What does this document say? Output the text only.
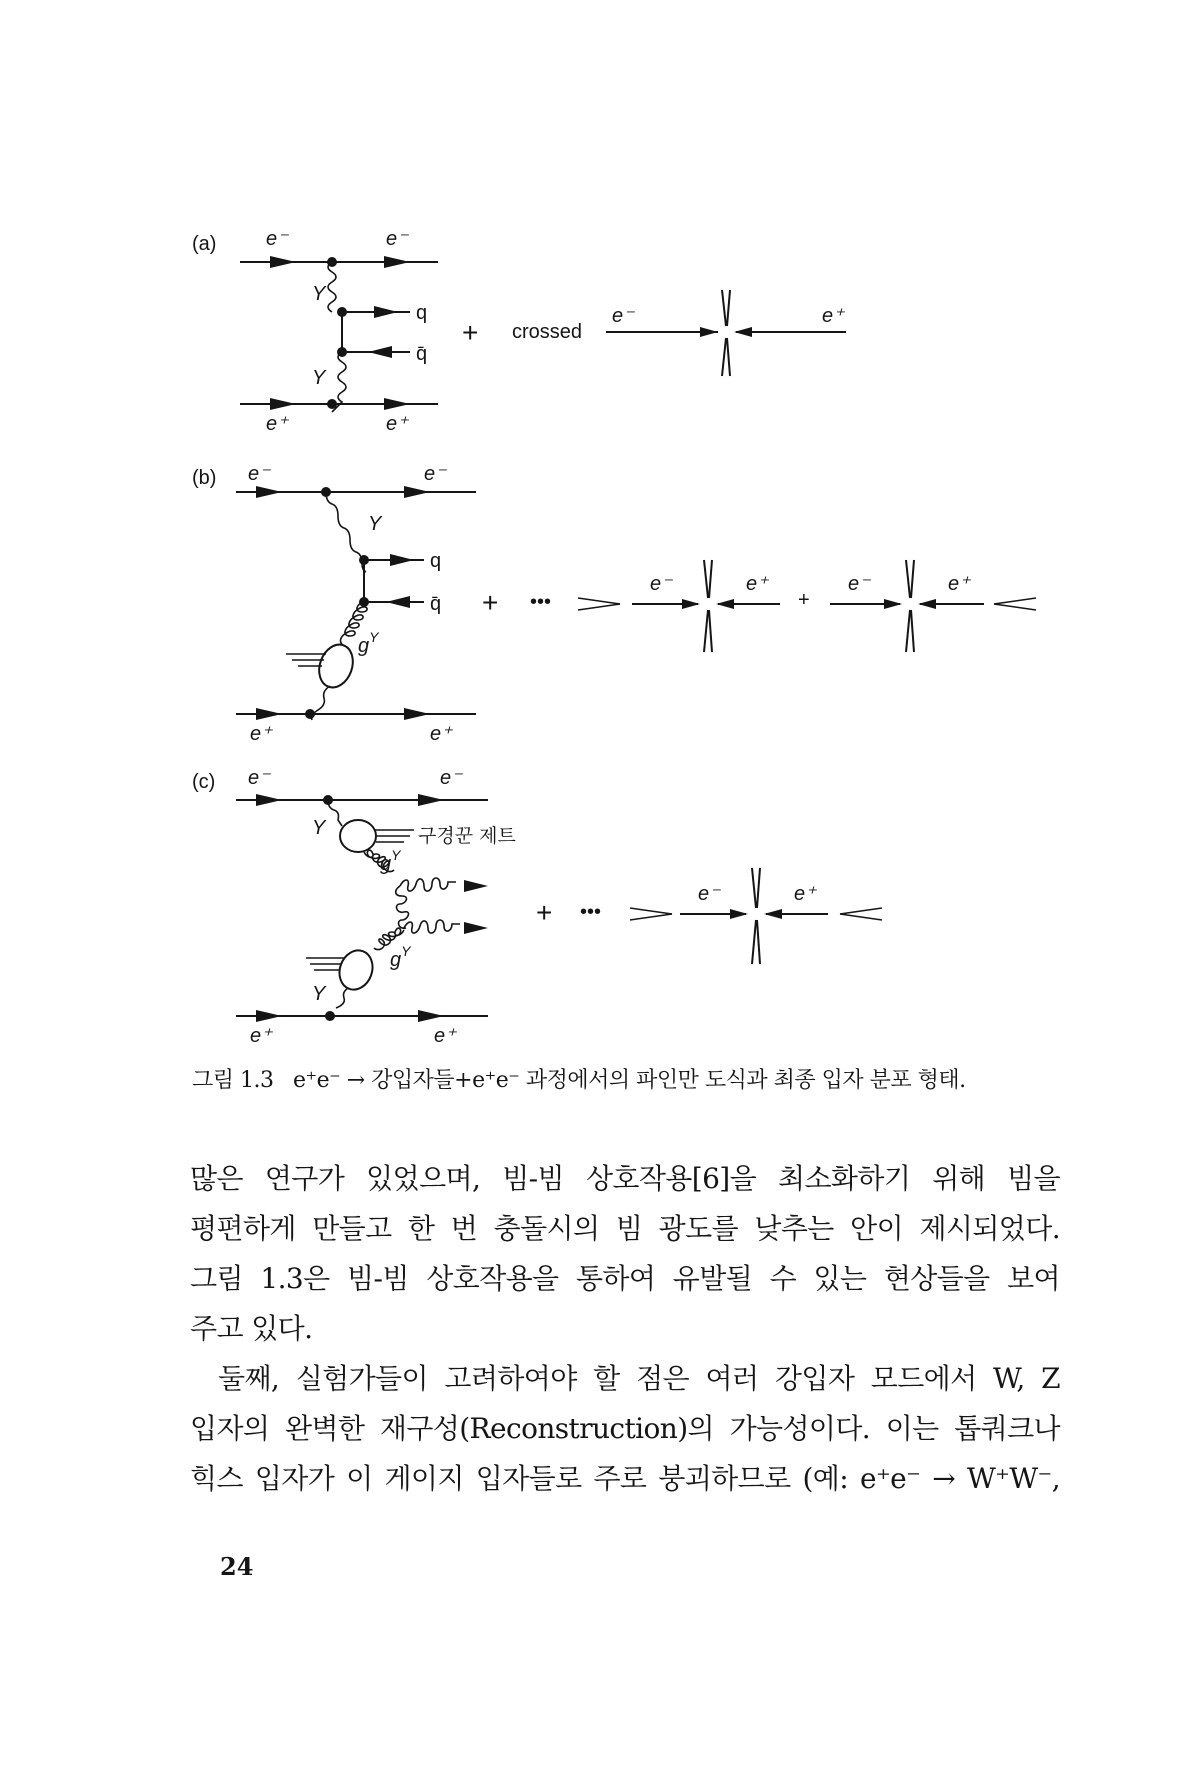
(a) e⁻	e⁻
Y
q
q̄
Y
e⁺	e⁺
+ crossed
e⁻	e⁺
(b) e⁻	e⁻
Y
q
q̄
$g^Y$
e⁺	e⁺
+ •••
e⁻	e⁺
+
e⁻	e⁺
(c) e⁻	e⁻
Y	구경꾼 제트
$g^Y$
$g^Y$
Y
e⁺	e⁺
+ •••
e⁻	e⁺
그림 1.3 e⁺e⁻ → 강입자들+e⁺e⁻ 과정에서의 파인만 도식과 최종 입자 분포 형태.

많은 연구가 있었으며, 빔-빔 상호작용[6]을 최소화하기 위해 빔을

평편하게 만들고 한 번 충돌시의 빔 광도를 낮추는 안이 제시되었다.

그림 1.3은 빔-빔 상호작용을 통하여 유발될 수 있는 현상들을 보여

주고 있다.

둘째, 실험가들이 고려하여야 할 점은 여러 강입자 모드에서 W, Z

입자의 완벽한 재구성(Reconstruction)의 가능성이다. 이는 톱쿼크나

힉스 입자가 이 게이지 입자들로 주로 붕괴하므로 (예: e⁺e⁻ → W⁺W⁻,

24
